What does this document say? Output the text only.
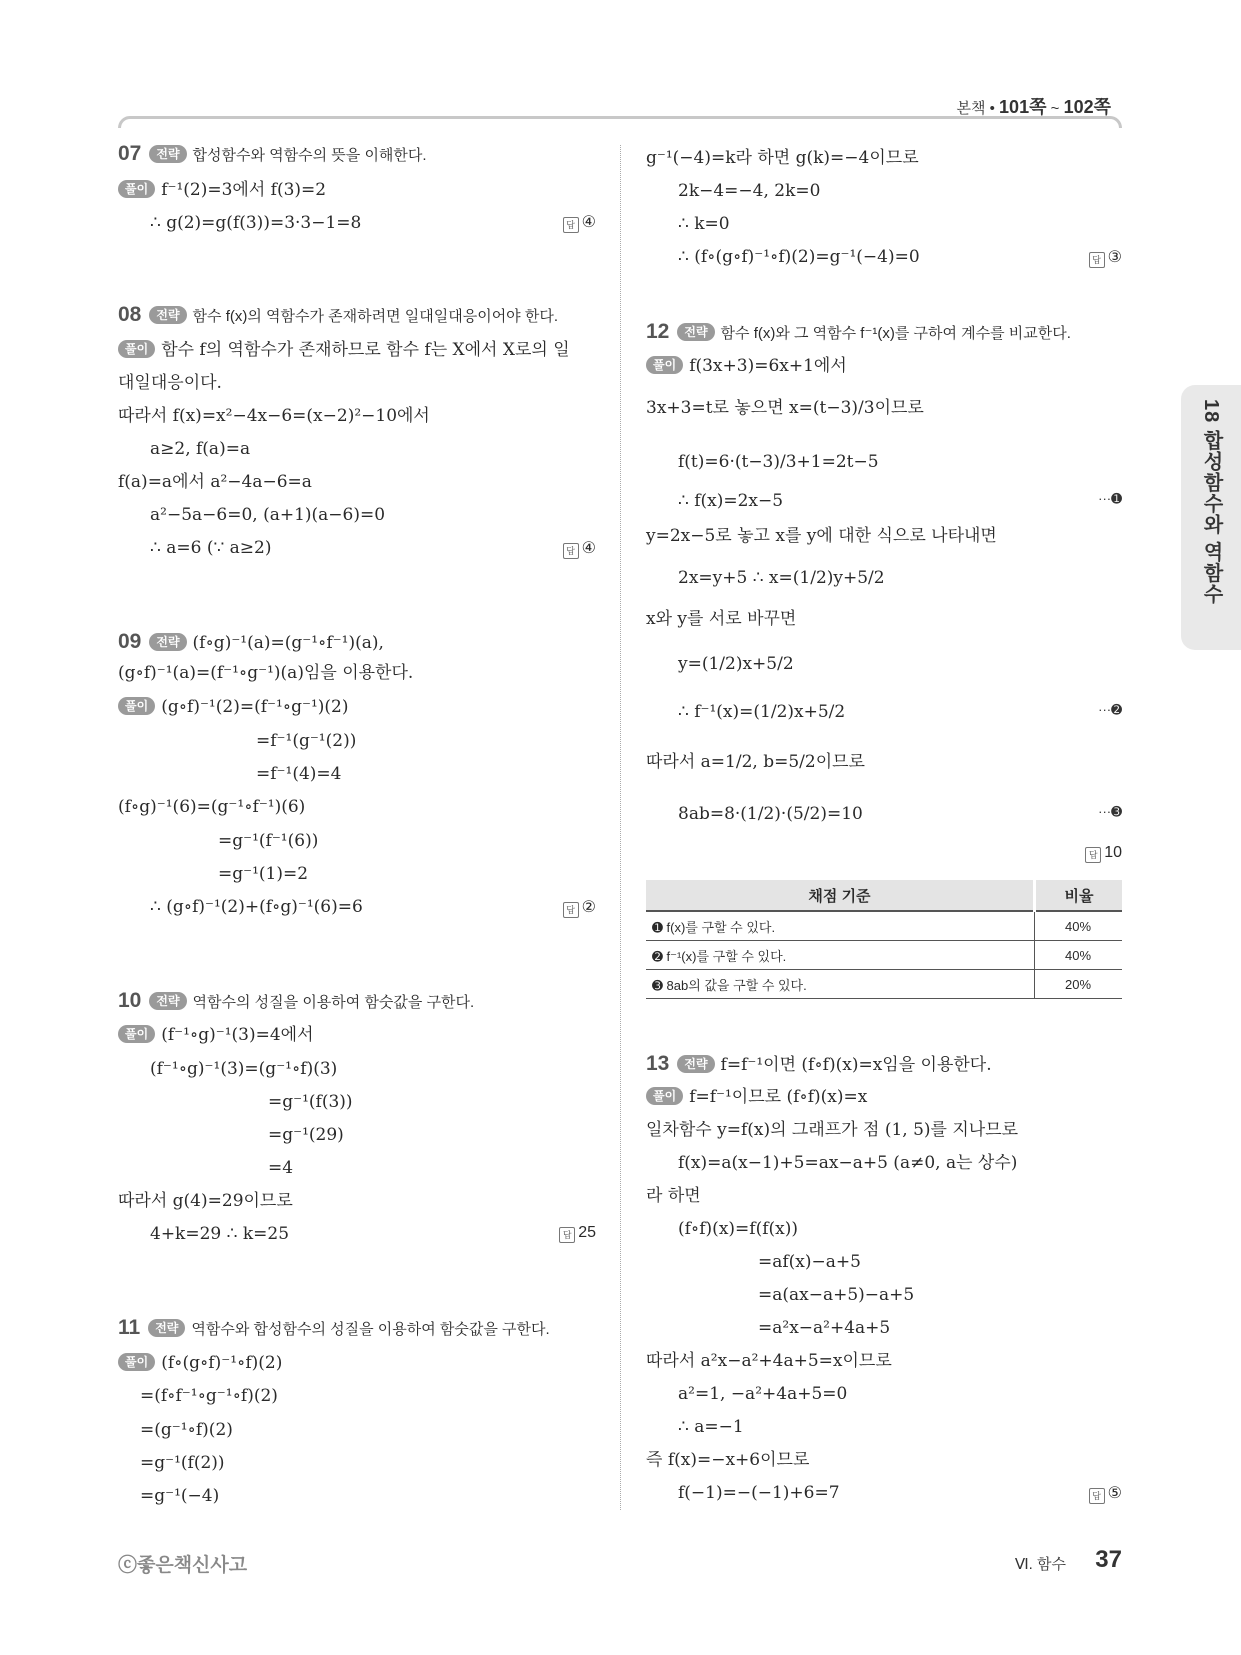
본책 • 101쪽 ~ 102쪽
18 합성함수와 역함수
07 전략 합성함수와 역함수의 뜻을 이해한다.
풀이 f⁻¹(2)=3에서 f(3)=2
∴ g(2)=g(f(3))=3·3−1=8	답 ④
08 전략 함수 f(x)의 역함수가 존재하려면 일대일대응이어야 한다.
풀이 함수 f의 역함수가 존재하므로 함수 f는 X에서 X로의 일
대일대응이다.
따라서 f(x)=x²−4x−6=(x−2)²−10에서
a≥2, f(a)=a
f(a)=a에서 a²−4a−6=a
a²−5a−6=0, (a+1)(a−6)=0
∴ a=6 (∵ a≥2)	답 ④
09 전략 (f∘g)⁻¹(a)=(g⁻¹∘f⁻¹)(a),
(g∘f)⁻¹(a)=(f⁻¹∘g⁻¹)(a)임을 이용한다.
풀이 (g∘f)⁻¹(2)=(f⁻¹∘g⁻¹)(2)
=f⁻¹(g⁻¹(2))
=f⁻¹(4)=4
(f∘g)⁻¹(6)=(g⁻¹∘f⁻¹)(6)
=g⁻¹(f⁻¹(6))
=g⁻¹(1)=2
∴ (g∘f)⁻¹(2)+(f∘g)⁻¹(6)=6	답 ②
10 전략 역함수의 성질을 이용하여 함숫값을 구한다.
풀이 (f⁻¹∘g)⁻¹(3)=4에서
(f⁻¹∘g)⁻¹(3)=(g⁻¹∘f)(3)
=g⁻¹(f(3))
=g⁻¹(29)
=4
따라서 g(4)=29이므로
4+k=29 ∴ k=25	답 25
11 전략 역함수와 합성함수의 성질을 이용하여 함숫값을 구한다.
풀이 (f∘(g∘f)⁻¹∘f)(2)
=(f∘f⁻¹∘g⁻¹∘f)(2)
=(g⁻¹∘f)(2)
=g⁻¹(f(2))
=g⁻¹(−4)
g⁻¹(−4)=k라 하면 g(k)=−4이므로
2k−4=−4, 2k=0
∴ k=0
∴ (f∘(g∘f)⁻¹∘f)(2)=g⁻¹(−4)=0	답 ③
12 전략 함수 f(x)와 그 역함수 f⁻¹(x)를 구하여 계수를 비교한다.
풀이 f(3x+3)=6x+1에서
3x+3=t로 놓으면 x=(t−3)/3이므로
f(t)=6·(t−3)/3+1=2t−5
∴ f(x)=2x−5	···➊
y=2x−5로 놓고 x를 y에 대한 식으로 나타내면
2x=y+5 ∴ x=(1/2)y+5/2
x와 y를 서로 바꾸면
y=(1/2)x+5/2
∴ f⁻¹(x)=(1/2)x+5/2	···➋
따라서 a=1/2, b=5/2이므로
8ab=8·(1/2)·(5/2)=10	···➌
답 10
채점 기준	비율
➊ f(x)를 구할 수 있다.	40%
➋ f⁻¹(x)를 구할 수 있다.	40%
➌ 8ab의 값을 구할 수 있다.	20%
13 전략 f=f⁻¹이면 (f∘f)(x)=x임을 이용한다.
풀이 f=f⁻¹이므로 (f∘f)(x)=x
일차함수 y=f(x)의 그래프가 점 (1, 5)를 지나므로
f(x)=a(x−1)+5=ax−a+5 (a≠0, a는 상수)
라 하면
(f∘f)(x)=f(f(x))
=af(x)−a+5
=a(ax−a+5)−a+5
=a²x−a²+4a+5
따라서 a²x−a²+4a+5=x이므로
a²=1, −a²+4a+5=0
∴ a=−1
즉 f(x)=−x+6이므로
f(−1)=−(−1)+6=7	답 ⑤
ⓒ좋은책신사고	Ⅵ. 함수 37
